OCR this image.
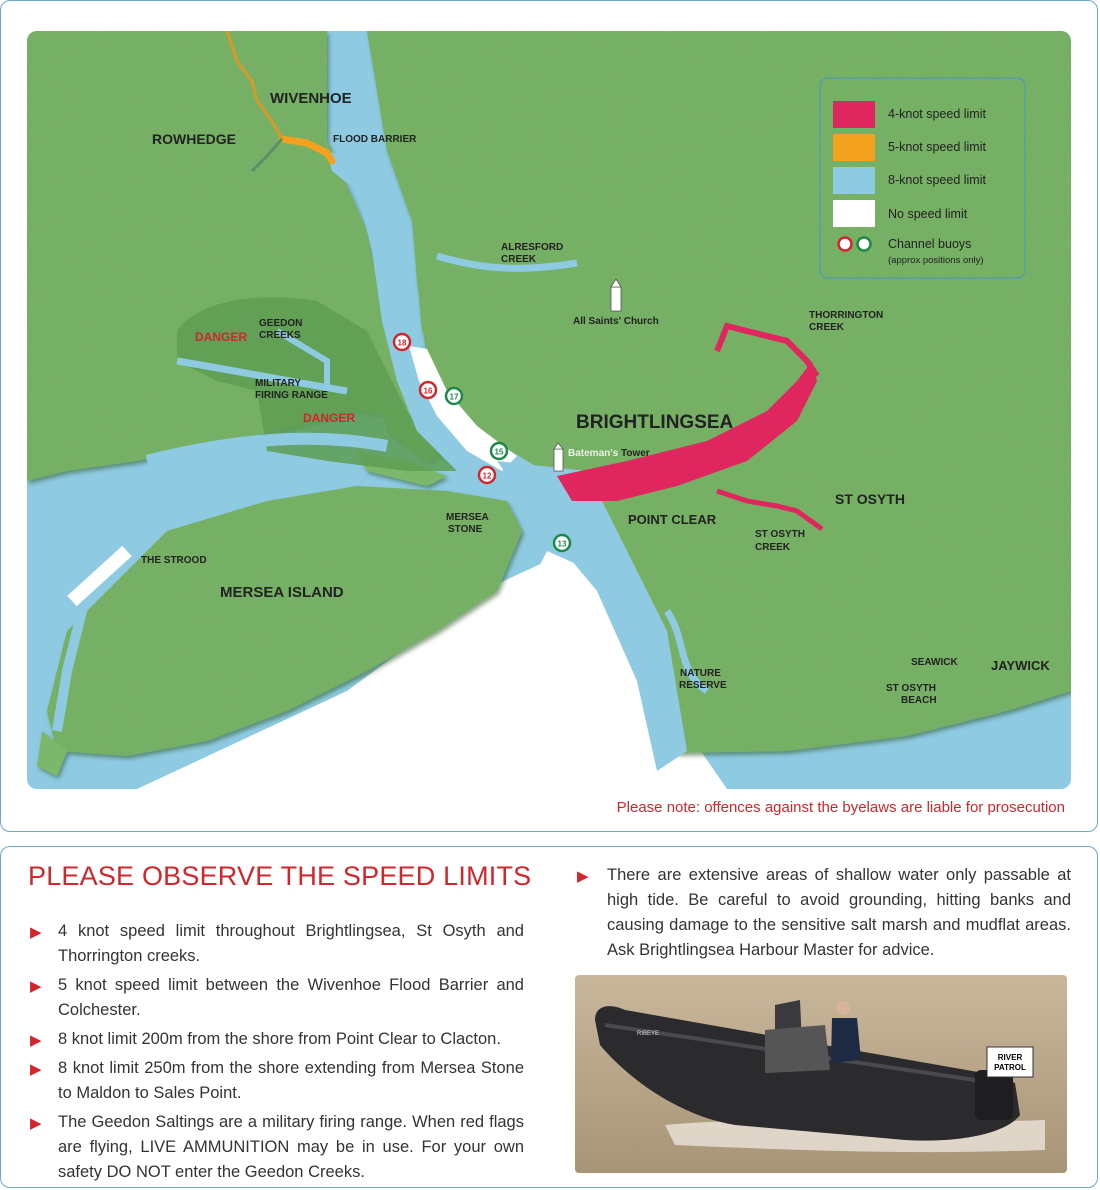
WIVENHOE
ROWHEDGE	FLOOD BARRIER
ALRESFORD
CREEK
GEEDON
CREEKS
DANGER
MILITARY
FIRING RANGE
DANGER
All Saints' Church
THORRINGTON
CREEK
BRIGHTLINGSEA
Bateman's Tower
POINT CLEAR
ST OSYTH
ST OSYTH
CREEK
MERSEA
STONE
THE STROOD
MERSEA ISLAND
NATURE
RESERVE
SEAWICK	JAYWICK
ST OSYTH
BEACH
18
16
17
15
12
13
4-knot speed limit
5-knot speed limit
8-knot speed limit
No speed limit
Channel buoys
(approx positions only)
Please note: offences against the byelaws are liable for prosecution
PLEASE OBSERVE THE SPEED LIMITS
▶ 4 knot speed limit throughout Brightlingsea, St Osyth and Thorrington creeks.
▶ 5 knot speed limit between the Wivenhoe Flood Barrier and Colchester.
▶ 8 knot limit 200m from the shore from Point Clear to Clacton.
▶ 8 knot limit 250m from the shore extending from Mersea Stone to Maldon to Sales Point.
▶ The Geedon Saltings are a military firing range. When red flags are flying, LIVE AMMUNITION may be in use. For your own safety DO NOT enter the Geedon Creeks.
▶ There are extensive areas of shallow water only passable at high tide. Be careful to avoid grounding, hitting banks and causing damage to the sensitive salt marsh and mudflat areas. Ask Brightlingsea Harbour Master for advice.
RIVER
PATROL
RIBEYE
